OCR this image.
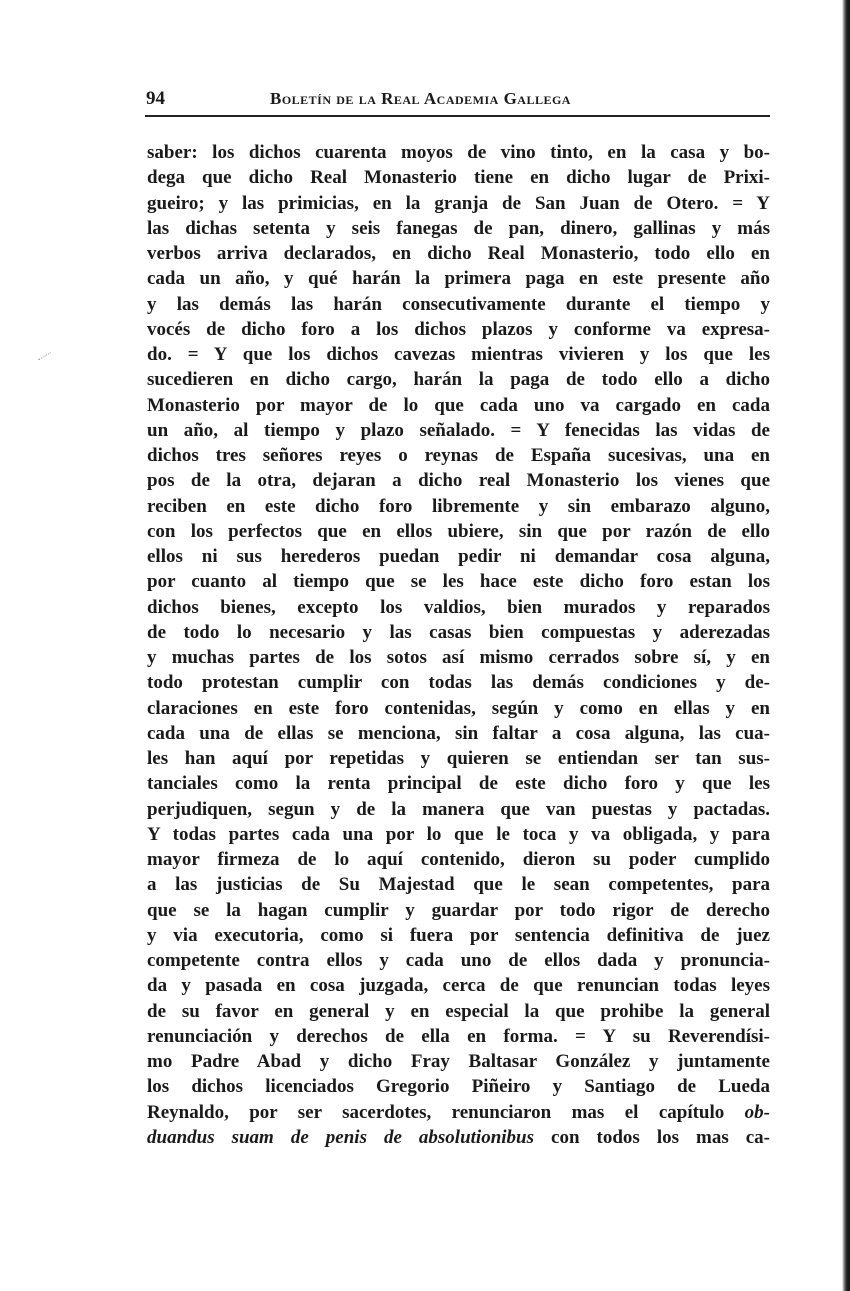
94	Boletín de la Real Academia Gallega
saber: los dichos cuarenta moyos de vino tinto, en la casa y bo-
dega que dicho Real Monasterio tiene en dicho lugar de Prixi-
gueiro; y las primicias, en la granja de San Juan de Otero. = Y
las dichas setenta y seis fanegas de pan, dinero, gallinas y más
verbos arriva declarados, en dicho Real Monasterio, todo ello en
cada un año, y qué harán la primera paga en este presente año
y las demás las harán consecutivamente durante el tiempo y
vocés de dicho foro a los dichos plazos y conforme va expresa-
do. = Y que los dichos cavezas mientras vivieren y los que les
sucedieren en dicho cargo, harán la paga de todo ello a dicho
Monasterio por mayor de lo que cada uno va cargado en cada
un año, al tiempo y plazo señalado. = Y fenecidas las vidas de
dichos tres señores reyes o reynas de España sucesivas, una en
pos de la otra, dejaran a dicho real Monasterio los vienes que
reciben en este dicho foro libremente y sin embarazo alguno,
con los perfectos que en ellos ubiere, sin que por razón de ello
ellos ni sus herederos puedan pedir ni demandar cosa alguna,
por cuanto al tiempo que se les hace este dicho foro estan los
dichos bienes, excepto los valdios, bien murados y reparados
de todo lo necesario y las casas bien compuestas y aderezadas
y muchas partes de los sotos así mismo cerrados sobre sí, y en
todo protestan cumplir con todas las demás condiciones y de-
claraciones en este foro contenidas, según y como en ellas y en
cada una de ellas se menciona, sin faltar a cosa alguna, las cua-
les han aquí por repetidas y quieren se entiendan ser tan sus-
tanciales como la renta principal de este dicho foro y que les
perjudiquen, segun y de la manera que van puestas y pactadas.
Y todas partes cada una por lo que le toca y va obligada, y para
mayor firmeza de lo aquí contenido, dieron su poder cumplido
a las justicias de Su Majestad que le sean competentes, para
que se la hagan cumplir y guardar por todo rigor de derecho
y via executoria, como si fuera por sentencia definitiva de juez
competente contra ellos y cada uno de ellos dada y pronuncia-
da y pasada en cosa juzgada, cerca de que renuncian todas leyes
de su favor en general y en especial la que prohibe la general
renunciación y derechos de ella en forma. = Y su Reverendísi-
mo Padre Abad y dicho Fray Baltasar González y juntamente
los dichos licenciados Gregorio Piñeiro y Santiago de Lueda
Reynaldo, por ser sacerdotes, renunciaron mas el capítulo ob-
duandus suam de penis de absolutionibus con todos los mas ca-
